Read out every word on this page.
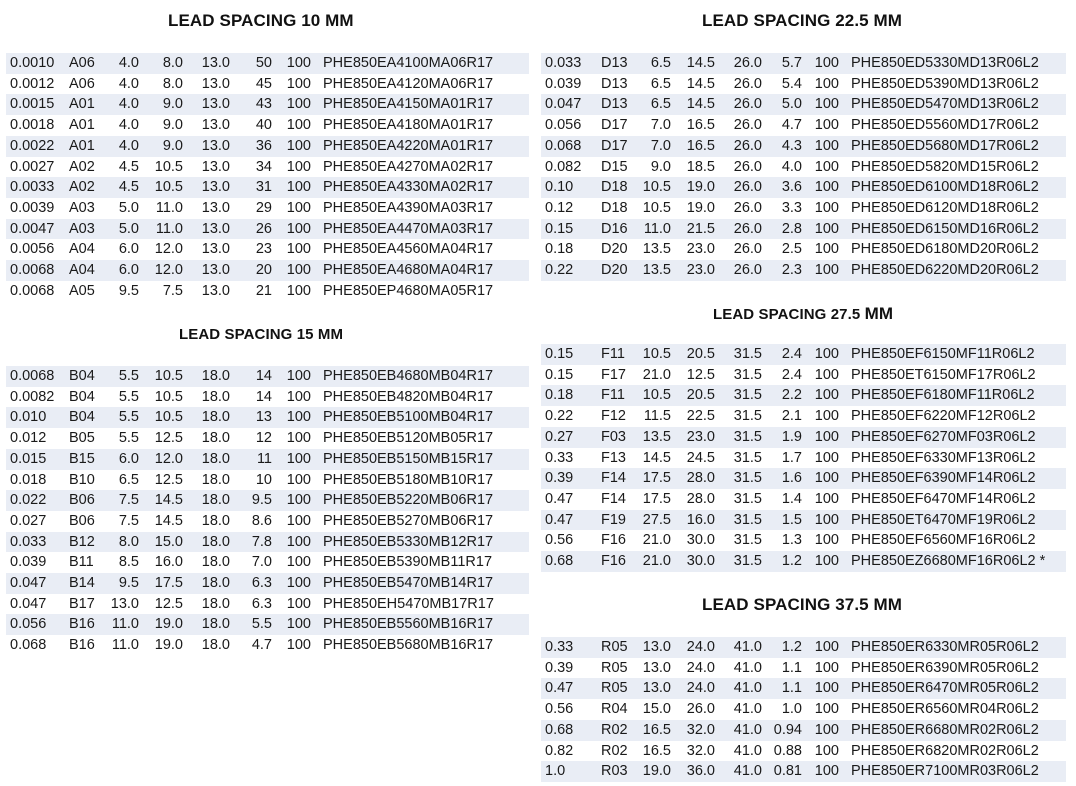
LEAD SPACING 10 MM
0.0010	A06	4.0	8.0	13.0	50	100	PHE850EA4100MA06R17
0.0012	A06	4.0	8.0	13.0	45	100	PHE850EA4120MA06R17
0.0015	A01	4.0	9.0	13.0	43	100	PHE850EA4150MA01R17
0.0018	A01	4.0	9.0	13.0	40	100	PHE850EA4180MA01R17
0.0022	A01	4.0	9.0	13.0	36	100	PHE850EA4220MA01R17
0.0027	A02	4.5	10.5	13.0	34	100	PHE850EA4270MA02R17
0.0033	A02	4.5	10.5	13.0	31	100	PHE850EA4330MA02R17
0.0039	A03	5.0	11.0	13.0	29	100	PHE850EA4390MA03R17
0.0047	A03	5.0	11.0	13.0	26	100	PHE850EA4470MA03R17
0.0056	A04	6.0	12.0	13.0	23	100	PHE850EA4560MA04R17
0.0068	A04	6.0	12.0	13.0	20	100	PHE850EA4680MA04R17
0.0068	A05	9.5	7.5	13.0	21	100	PHE850EP4680MA05R17
LEAD SPACING 15 MM
0.0068	B04	5.5	10.5	18.0	14	100	PHE850EB4680MB04R17
0.0082	B04	5.5	10.5	18.0	14	100	PHE850EB4820MB04R17
0.010	B04	5.5	10.5	18.0	13	100	PHE850EB5100MB04R17
0.012	B05	5.5	12.5	18.0	12	100	PHE850EB5120MB05R17
0.015	B15	6.0	12.0	18.0	11	100	PHE850EB5150MB15R17
0.018	B10	6.5	12.5	18.0	10	100	PHE850EB5180MB10R17
0.022	B06	7.5	14.5	18.0	9.5	100	PHE850EB5220MB06R17
0.027	B06	7.5	14.5	18.0	8.6	100	PHE850EB5270MB06R17
0.033	B12	8.0	15.0	18.0	7.8	100	PHE850EB5330MB12R17
0.039	B11	8.5	16.0	18.0	7.0	100	PHE850EB5390MB11R17
0.047	B14	9.5	17.5	18.0	6.3	100	PHE850EB5470MB14R17
0.047	B17	13.0	12.5	18.0	6.3	100	PHE850EH5470MB17R17
0.056	B16	11.0	19.0	18.0	5.5	100	PHE850EB5560MB16R17
0.068	B16	11.0	19.0	18.0	4.7	100	PHE850EB5680MB16R17
LEAD SPACING 22.5 MM
0.033	D13	6.5	14.5	26.0	5.7	100	PHE850ED5330MD13R06L2
0.039	D13	6.5	14.5	26.0	5.4	100	PHE850ED5390MD13R06L2
0.047	D13	6.5	14.5	26.0	5.0	100	PHE850ED5470MD13R06L2
0.056	D17	7.0	16.5	26.0	4.7	100	PHE850ED5560MD17R06L2
0.068	D17	7.0	16.5	26.0	4.3	100	PHE850ED5680MD17R06L2
0.082	D15	9.0	18.5	26.0	4.0	100	PHE850ED5820MD15R06L2
0.10	D18	10.5	19.0	26.0	3.6	100	PHE850ED6100MD18R06L2
0.12	D18	10.5	19.0	26.0	3.3	100	PHE850ED6120MD18R06L2
0.15	D16	11.0	21.5	26.0	2.8	100	PHE850ED6150MD16R06L2
0.18	D20	13.5	23.0	26.0	2.5	100	PHE850ED6180MD20R06L2
0.22	D20	13.5	23.0	26.0	2.3	100	PHE850ED6220MD20R06L2
LEAD SPACING 27.5 MM
0.15	F11	10.5	20.5	31.5	2.4	100	PHE850EF6150MF11R06L2
0.15	F17	21.0	12.5	31.5	2.4	100	PHE850ET6150MF17R06L2
0.18	F11	10.5	20.5	31.5	2.2	100	PHE850EF6180MF11R06L2
0.22	F12	11.5	22.5	31.5	2.1	100	PHE850EF6220MF12R06L2
0.27	F03	13.5	23.0	31.5	1.9	100	PHE850EF6270MF03R06L2
0.33	F13	14.5	24.5	31.5	1.7	100	PHE850EF6330MF13R06L2
0.39	F14	17.5	28.0	31.5	1.6	100	PHE850EF6390MF14R06L2
0.47	F14	17.5	28.0	31.5	1.4	100	PHE850EF6470MF14R06L2
0.47	F19	27.5	16.0	31.5	1.5	100	PHE850ET6470MF19R06L2
0.56	F16	21.0	30.0	31.5	1.3	100	PHE850EF6560MF16R06L2
0.68	F16	21.0	30.0	31.5	1.2	100	PHE850EZ6680MF16R06L2 *
LEAD SPACING 37.5 MM
0.33	R05	13.0	24.0	41.0	1.2	100	PHE850ER6330MR05R06L2
0.39	R05	13.0	24.0	41.0	1.1	100	PHE850ER6390MR05R06L2
0.47	R05	13.0	24.0	41.0	1.1	100	PHE850ER6470MR05R06L2
0.56	R04	15.0	26.0	41.0	1.0	100	PHE850ER6560MR04R06L2
0.68	R02	16.5	32.0	41.0	0.94	100	PHE850ER6680MR02R06L2
0.82	R02	16.5	32.0	41.0	0.88	100	PHE850ER6820MR02R06L2
1.0	R03	19.0	36.0	41.0	0.81	100	PHE850ER7100MR03R06L2
